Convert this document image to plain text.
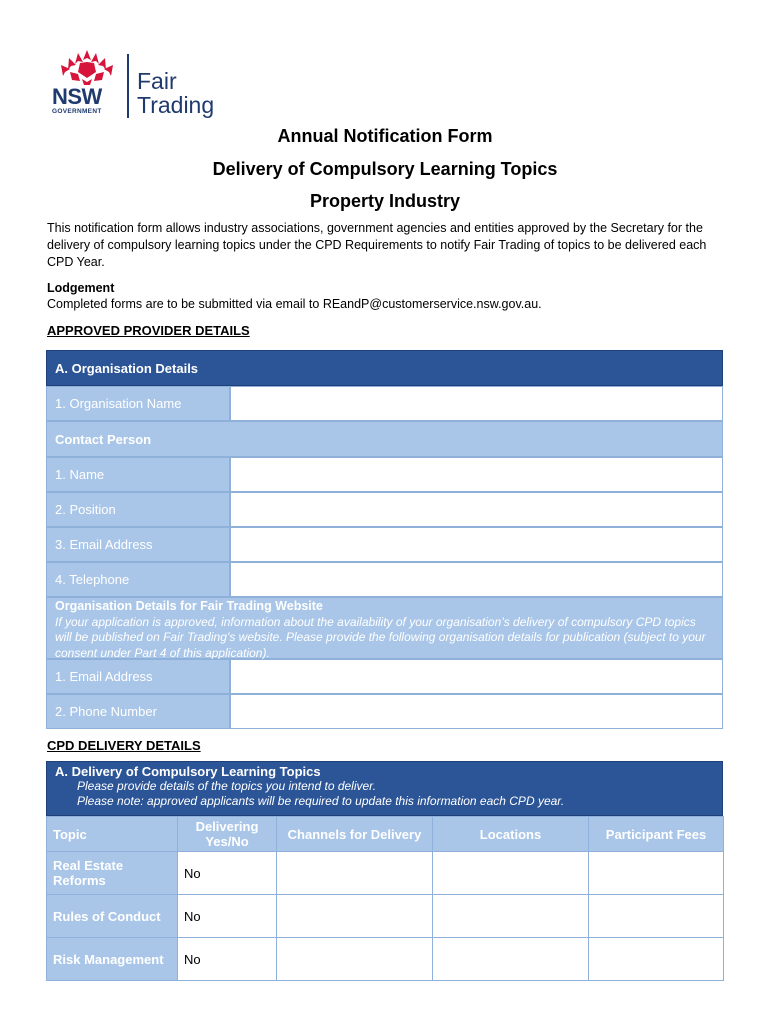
NSW
GOVERNMENT
Fair
Trading
Annual Notification Form
Delivery of Compulsory Learning Topics
Property Industry
This notification form allows industry associations, government agencies and entities approved by the Secretary for the delivery of compulsory learning topics under the CPD Requirements to notify Fair Trading of topics to be delivered each CPD Year.
Lodgement
Completed forms are to be submitted via email to REandP@customerservice.nsw.gov.au.
APPROVED PROVIDER DETAILS
A. Organisation Details
1. Organisation Name
Contact Person
1. Name
2. Position
3. Email Address
4. Telephone
Organisation Details for Fair Trading Website
If your application is approved, information about the availability of your organisation’s delivery of compulsory CPD topics will be published on Fair Trading’s website. Please provide the following organisation details for publication (subject to your consent under Part 4 of this application).
1. Email Address
2. Phone Number
CPD DELIVERY DETAILS
A. Delivery of Compulsory Learning Topics
Please provide details of the topics you intend to deliver.
Please note: approved applicants will be required to update this information each CPD year.
Topic	Delivering Yes/No	Channels for Delivery	Locations	Participant Fees
Real Estate Reforms	No			
Rules of Conduct	No			
Risk Management	No			
